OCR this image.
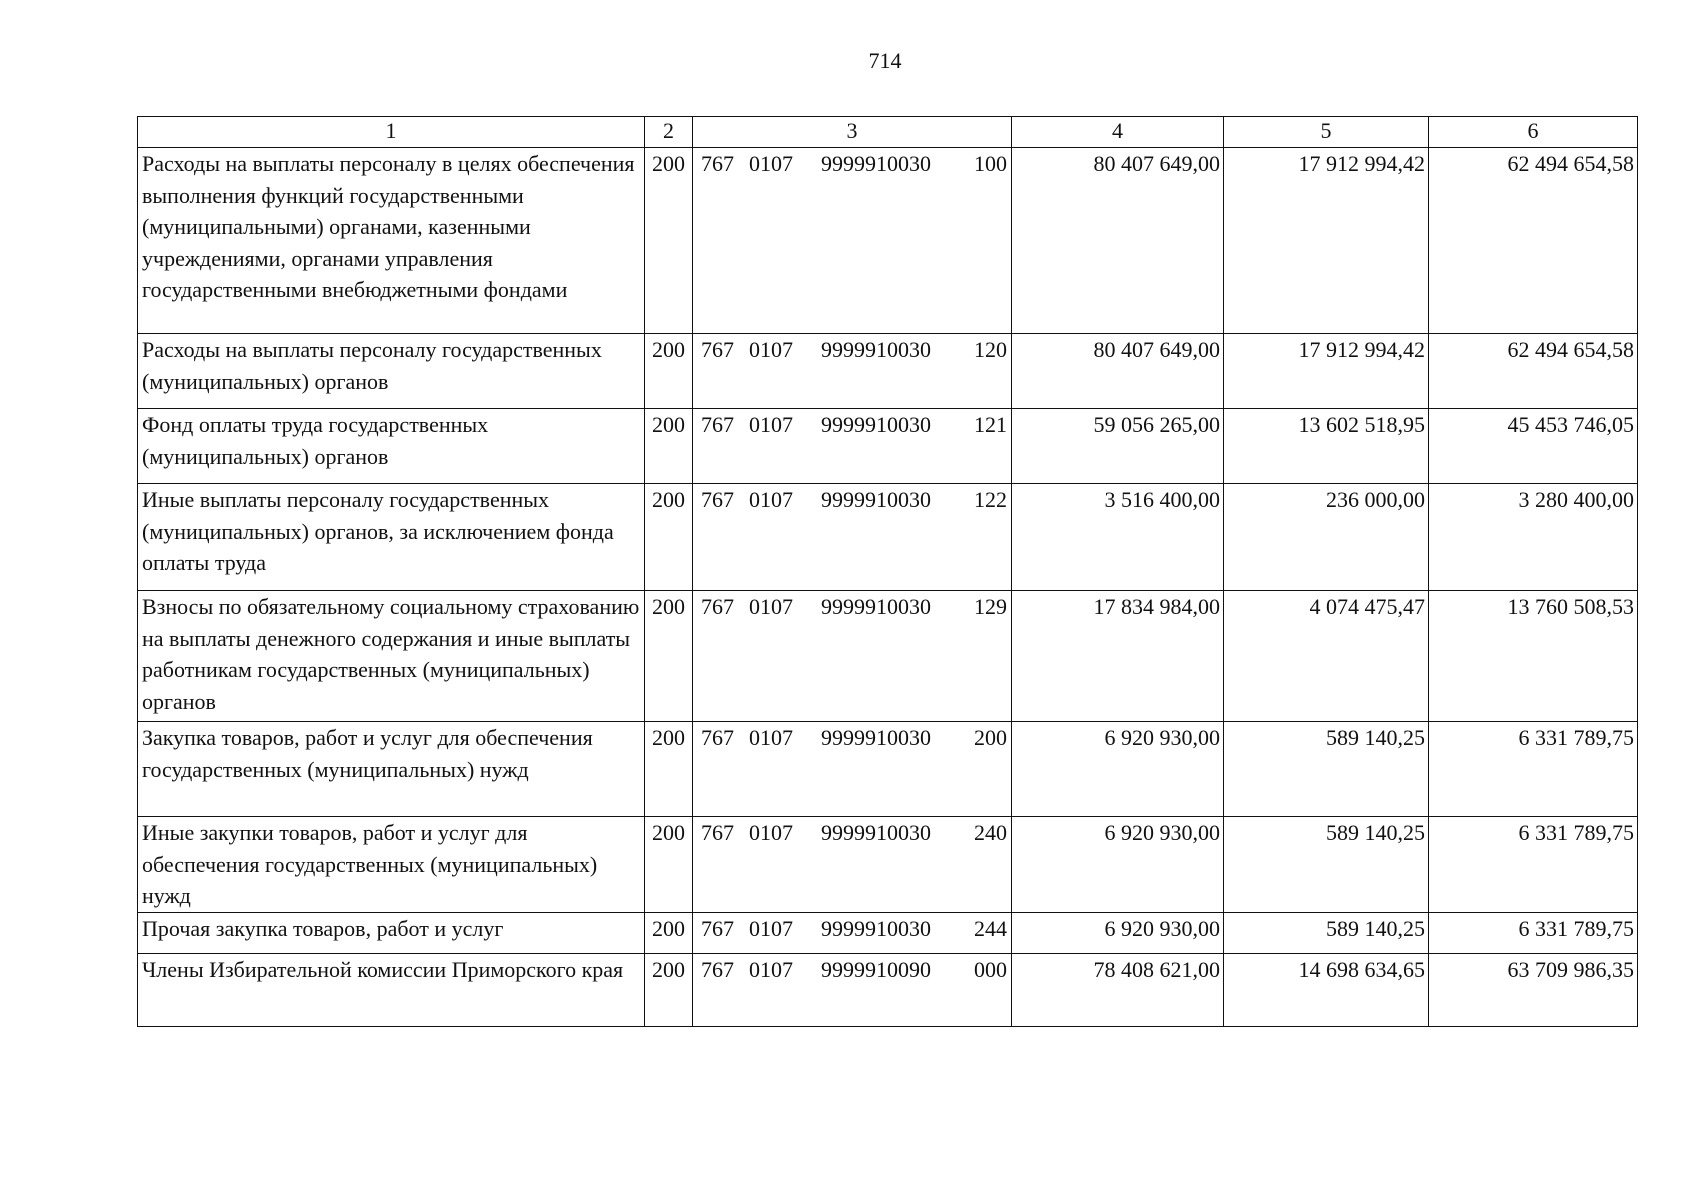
714
1	2	3	4	5	6
Расходы на выплаты персоналу в целях обеспечения выполнения функций государственными (муниципальными) органами, казенными учреждениями, органами управления государственными внебюджетными фондами	200	767 0107 9999910030 100	80 407 649,00	17 912 994,42	62 494 654,58
Расходы на выплаты персоналу государственных (муниципальных) органов	200	767 0107 9999910030 120	80 407 649,00	17 912 994,42	62 494 654,58
Фонд оплаты труда государственных (муниципальных) органов	200	767 0107 9999910030 121	59 056 265,00	13 602 518,95	45 453 746,05
Иные выплаты персоналу государственных (муниципальных) органов, за исключением фонда оплаты труда	200	767 0107 9999910030 122	3 516 400,00	236 000,00	3 280 400,00
Взносы по обязательному социальному страхованию на выплаты денежного содержания и иные выплаты работникам государственных (муниципальных) органов	200	767 0107 9999910030 129	17 834 984,00	4 074 475,47	13 760 508,53
Закупка товаров, работ и услуг для обеспечения государственных (муниципальных) нужд	200	767 0107 9999910030 200	6 920 930,00	589 140,25	6 331 789,75
Иные закупки товаров, работ и услуг для обеспечения государственных (муниципальных) нужд	200	767 0107 9999910030 240	6 920 930,00	589 140,25	6 331 789,75
Прочая закупка товаров, работ и услуг	200	767 0107 9999910030 244	6 920 930,00	589 140,25	6 331 789,75
Члены Избирательной комиссии Приморского края	200	767 0107 9999910090 000	78 408 621,00	14 698 634,65	63 709 986,35
